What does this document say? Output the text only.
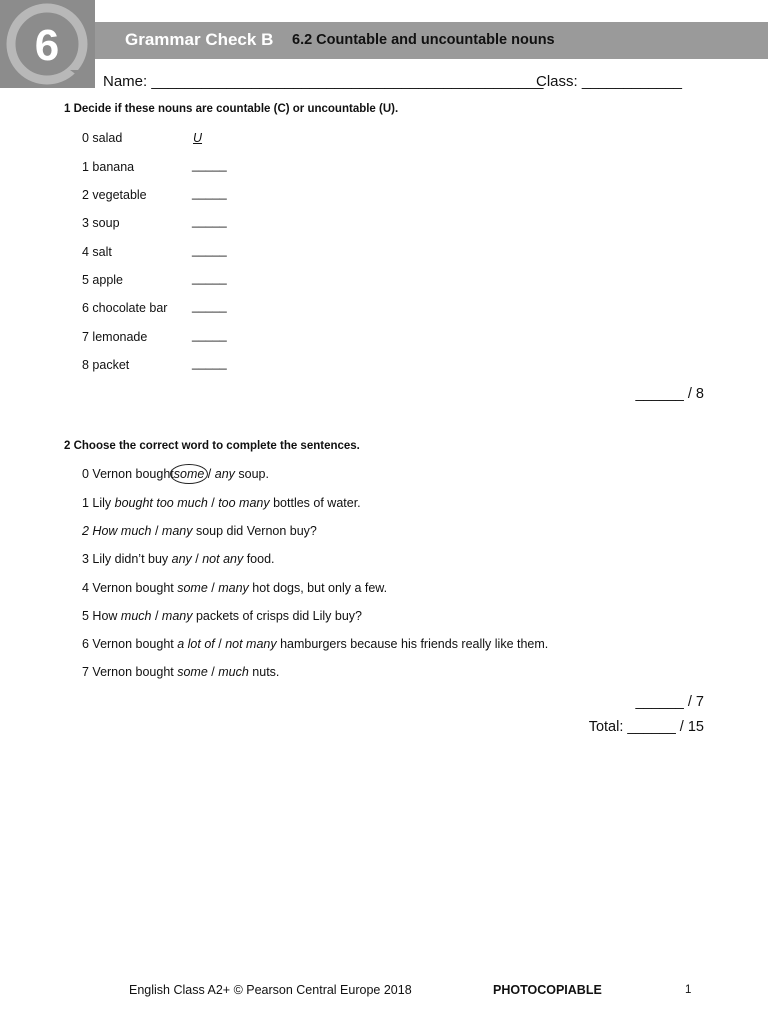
6	Grammar Check B 6.2 Countable and uncountable nouns
Name: _______________________________________________
Class: ____________
1 Decide if these nouns are countable (C) or uncountable (U).
0 salad	U
1 banana	_____
2 vegetable	_____
3 soup	_____
4 salt	_____
5 apple	_____
6 chocolate bar _____
7 lemonade	_____
8 packet	_____
______ / 8
2 Choose the correct word to complete the sentences.
0 Vernon boughtsome
/ any soup.
1 Lily bought too much / too many bottles of water.
2 How much / many soup did Vernon buy?
3 Lily didn’t buy any / not any food.
4 Vernon bought some / many hot dogs, but only a few.
5 How much / many packets of crisps did Lily buy?
6 Vernon bought a lot of / not many hamburgers because his friends really like them.
7 Vernon bought some / much nuts.
______ / 7
Total: ______ / 15
English Class A2+ © Pearson Central Europe 2018	PHOTOCOPIABLE	1
